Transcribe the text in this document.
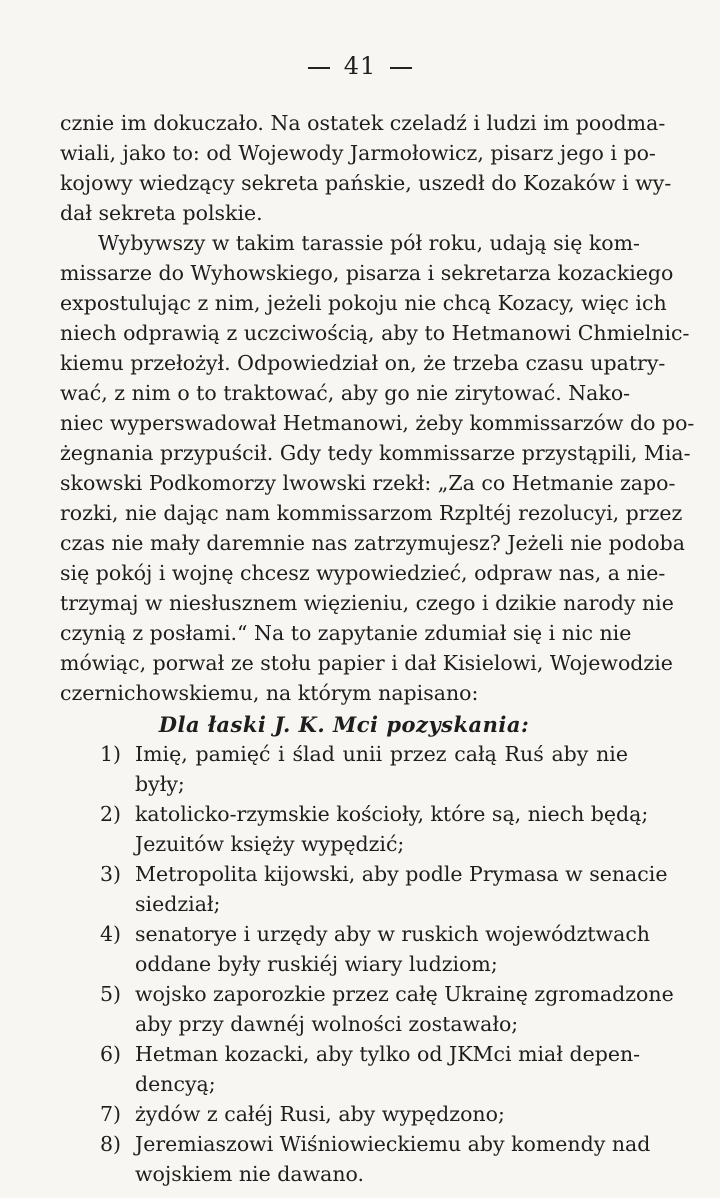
41
cznie im dokuczało. Na ostatek czeladź i ludzi im poodma-
wiali, jako to: od Wojewody Jarmołowicz, pisarz jego i po-
kojowy wiedzący sekreta pańskie, uszedł do Kozaków i wy-
dał sekreta polskie.
Wybywszy w takim tarassie pół roku, udają się kom-
missarze do Wyhowskiego, pisarza i sekretarza kozackiego
expostulując z nim, jeżeli pokoju nie chcą Kozacy, więc ich
niech odprawią z uczciwością, aby to Hetmanowi Chmielnic-
kiemu przełożył. Odpowiedział on, że trzeba czasu upatry-
wać, z nim o to traktować, aby go nie zirytować. Nako-
niec wyperswadował Hetmanowi, żeby kommissarzów do po-
żegnania przypuścił. Gdy tedy kommissarze przystąpili, Mia-
skowski Podkomorzy lwowski rzekł: „Za co Hetmanie zapo-
rozki, nie dając nam kommissarzom Rzpltéj rezolucyi, przez
czas nie mały daremnie nas zatrzymujesz? Jeżeli nie podoba
się pokój i wojnę chcesz wypowiedzieć, odpraw nas, a nie-
trzymaj w niesłusznem więzieniu, czego i dzikie narody nie
czynią z posłami.“ Na to zapytanie zdumiał się i nic nie
mówiąc, porwał ze stołu papier i dał Kisielowi, Wojewodzie
czernichowskiemu, na którym napisano:
Dla łaski J. K. Mci pozyskania:
1) Imię, pamięć i ślad unii przez całą Ruś aby nie
były;
2) katolicko-rzymskie kościoły, które są, niech będą;
Jezuitów księży wypędzić;
3) Metropolita kijowski, aby podle Prymasa w senacie
siedział;
4) senatorye i urzędy aby w ruskich województwach
oddane były ruskiéj wiary ludziom;
5) wojsko zaporozkie przez całę Ukrainę zgromadzone
aby przy dawnéj wolności zostawało;
6) Hetman kozacki, aby tylko od JKMci miał depen-
dencyą;
7) żydów z całéj Rusi, aby wypędzono;
8) Jeremiaszowi Wiśniowieckiemu aby komendy nad
wojskiem nie dawano.
